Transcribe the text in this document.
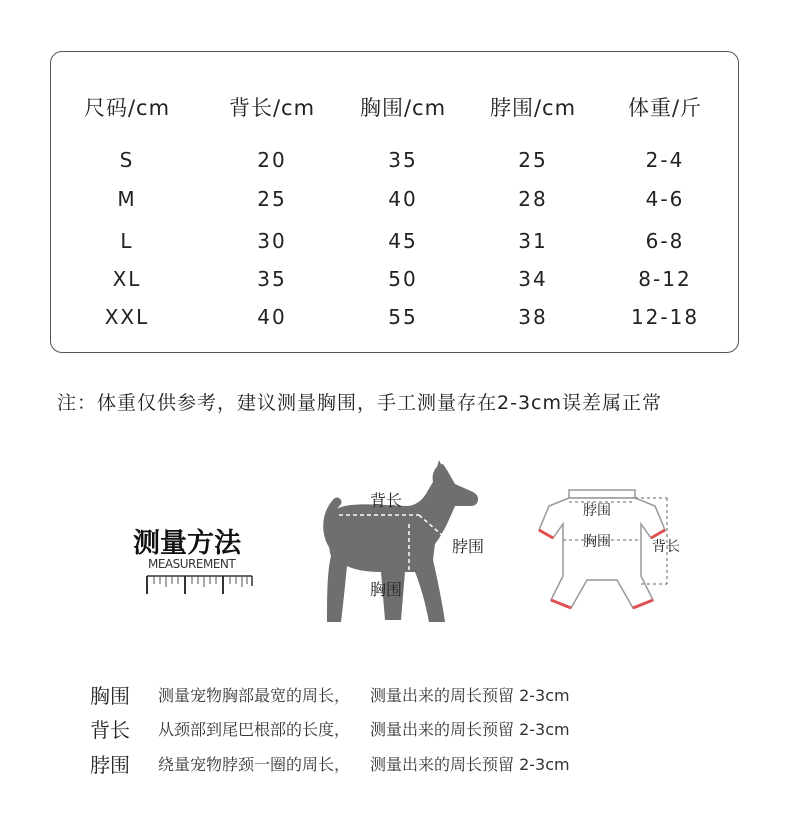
尺码/cm	背长/cm 胸围/cm 脖围/cm 体重/斤
S	20	35	25	2-4
M	25	40	28	4-6
L	30	45	31	6-8
XL	35	50	34	8-12
XXL	40	55	38	12-18
注：体重仅供参考，建议测量胸围，手工测量存在2-3cm误差属正常
测量方法
MEASUREMENT
背长
脖围
胸围
脖围
胸围	背长
胸围 测量宠物胸部最宽的周长， 测量出来的周长预留 2-3cm
背长 从颈部到尾巴根部的长度， 测量出来的周长预留 2-3cm
脖围 绕量宠物脖颈一圈的周长， 测量出来的周长预留 2-3cm
